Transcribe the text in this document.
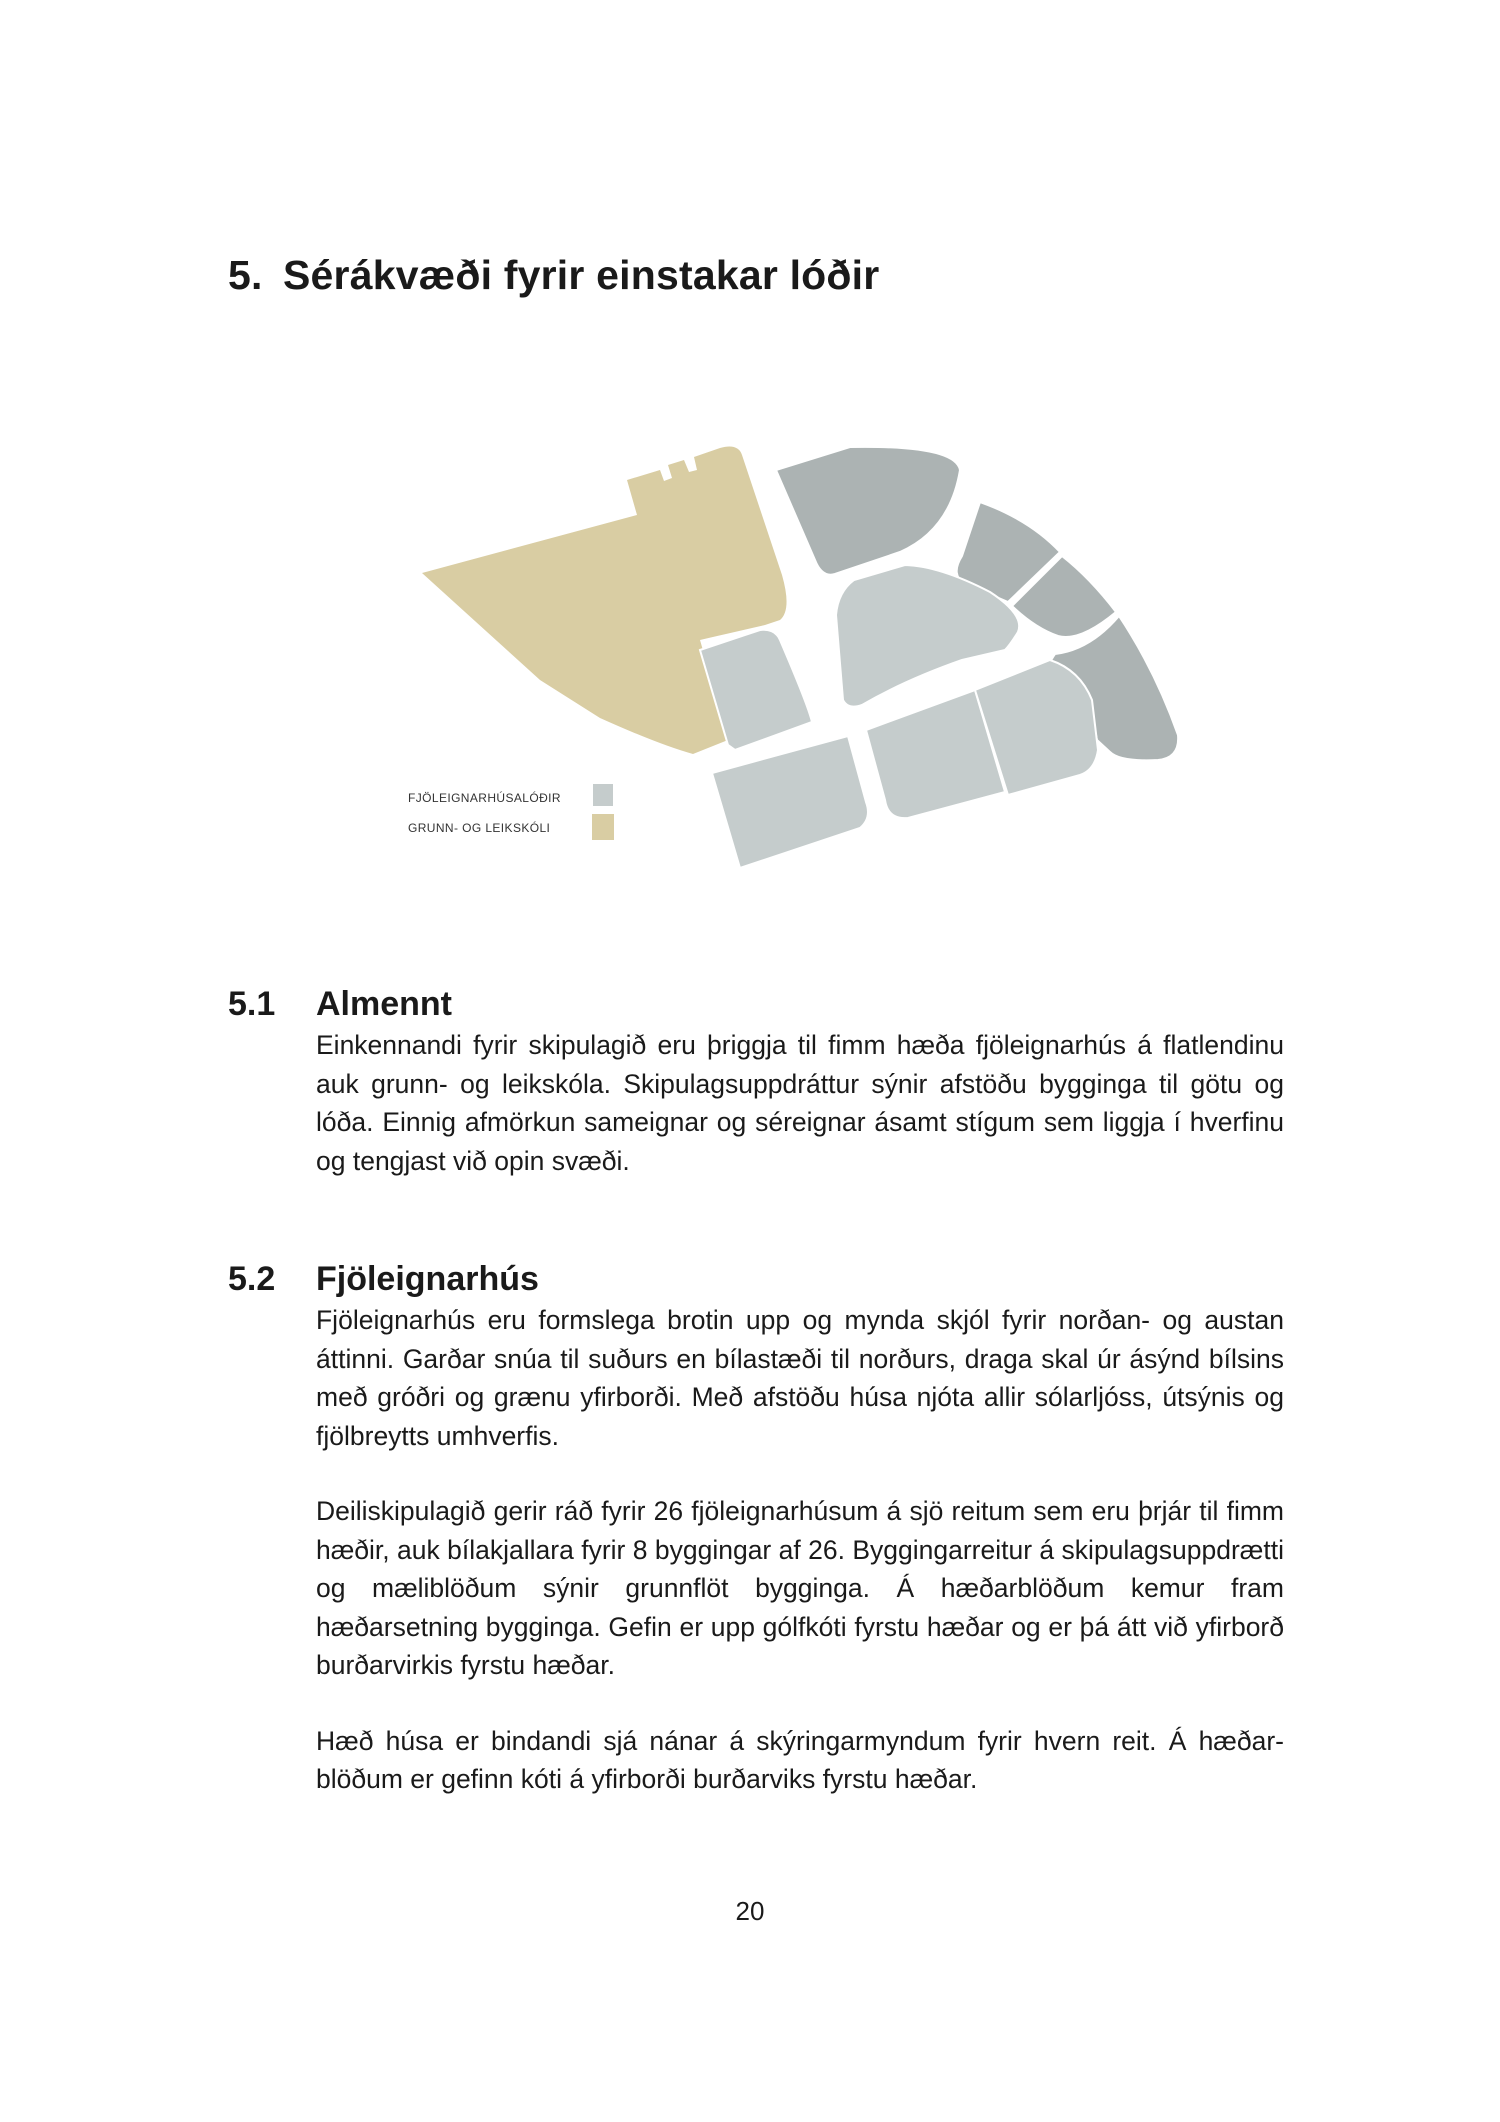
5. Sérákvæði fyrir einstakar lóðir
FJÖLEIGNARHÚSALÓÐIR
GRUNN- OG LEIKSKÓLI
5.1 Almennt

Einkennandi fyrir skipulagið eru þriggja til fimm hæða fjöleignarhús á flatlendinu auk grunn- og leikskóla. Skipulagsuppdráttur sýnir afstöðu bygginga til götu og lóða. Einnig afmörkun sameignar og séreignar ásamt stígum sem liggja í hverfinu og tengjast við opin svæði.

5.2 Fjöleignarhús

Fjöleignarhús eru formslega brotin upp og mynda skjól fyrir norðan- og austan áttinni. Garðar snúa til suðurs en bílastæði til norðurs, draga skal úr ásýnd bílsins með gróðri og grænu yfirborði. Með afstöðu húsa njóta allir sólarljóss, útsýnis og fjölbreytts umhverfis.

Deiliskipulagið gerir ráð fyrir 26 fjöleignarhúsum á sjö reitum sem eru þrjár til fimm hæðir, auk bílakjallara fyrir 8 byggingar af 26. Byggingarreitur á skipulagsuppdrætti og mæliblöðum sýnir grunnflöt bygginga. Á hæðarblöðum kemur fram hæðarsetning bygginga. Gefin er upp gólfkóti fyrstu hæðar og er þá átt við yfirborð burðarvirkis fyrstu hæðar.

Hæð húsa er bindandi sjá nánar á skýringarmyndum fyrir hvern reit. Á hæðar-blöðum er gefinn kóti á yfirborði burðarviks fyrstu hæðar.

20
